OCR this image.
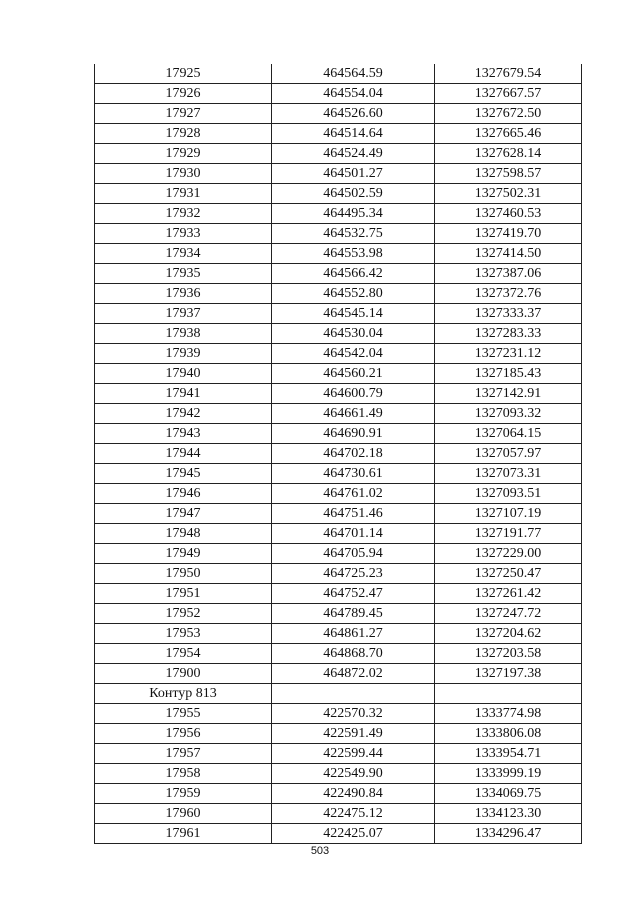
17925	464564.59	1327679.54
17926	464554.04	1327667.57
17927	464526.60	1327672.50
17928	464514.64	1327665.46
17929	464524.49	1327628.14
17930	464501.27	1327598.57
17931	464502.59	1327502.31
17932	464495.34	1327460.53
17933	464532.75	1327419.70
17934	464553.98	1327414.50
17935	464566.42	1327387.06
17936	464552.80	1327372.76
17937	464545.14	1327333.37
17938	464530.04	1327283.33
17939	464542.04	1327231.12
17940	464560.21	1327185.43
17941	464600.79	1327142.91
17942	464661.49	1327093.32
17943	464690.91	1327064.15
17944	464702.18	1327057.97
17945	464730.61	1327073.31
17946	464761.02	1327093.51
17947	464751.46	1327107.19
17948	464701.14	1327191.77
17949	464705.94	1327229.00
17950	464725.23	1327250.47
17951	464752.47	1327261.42
17952	464789.45	1327247.72
17953	464861.27	1327204.62
17954	464868.70	1327203.58
17900	464872.02	1327197.38
Контур 813		
17955	422570.32	1333774.98
17956	422591.49	1333806.08
17957	422599.44	1333954.71
17958	422549.90	1333999.19
17959	422490.84	1334069.75
17960	422475.12	1334123.30
17961	422425.07	1334296.47
503
